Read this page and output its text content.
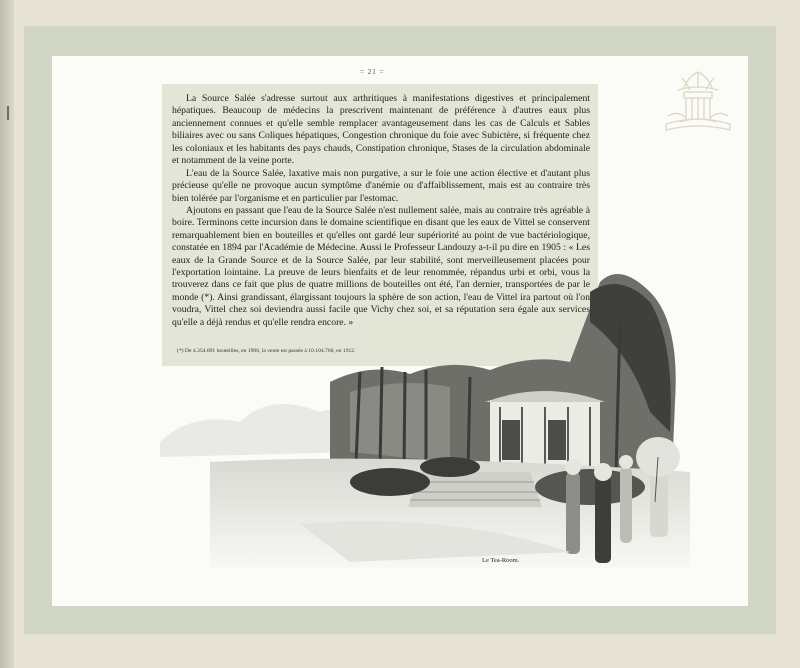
= 21 =

La Source Salée s'adresse surtout aux arthritiques à manifestations digestives et principalement hépatiques. Beaucoup de médecins la prescrivent maintenant de préférence à d'autres eaux plus anciennement connues et qu'elle semble remplacer avantageusement dans les cas de Calculs et Sables biliaires avec ou sans Coliques hépatiques, Congestion chronique du foie avec Subictère, si fréquente chez les coloniaux et les habitants des pays chauds, Constipation chronique, Stases de la circulation abdominale et notamment de la veine porte.

L'eau de la Source Salée, laxative mais non purgative, a sur le foie une action élective et d'autant plus précieuse qu'elle ne provoque aucun symptôme d'anémie ou d'affaiblissement, mais est au contraire très bien tolérée par l'organisme et en particulier par l'estomac.

Ajoutons en passant que l'eau de la Source Salée n'est nullement salée, mais au contraire très agréable à boire. Terminons cette incursion dans le domaine scientifique en disant que les eaux de Vittel se conservent remarquablement bien en bouteilles et qu'elles ont gardé leur supériorité au point de vue bactériologique, constatée en 1894 par l'Académie de Médecine. Aussi le Professeur Landouzy a-t-il pu dire en 1905 : « Les eaux de la Grande Source et de la Source Salée, par leur stabilité, sont merveilleusement placées pour l'exportation lointaine. La preuve de leurs bienfaits et de leur renommée, répandus urbi et orbi, vous la trouverez dans ce fait que plus de quatre millions de bouteilles ont été, l'an dernier, transportées de par le monde (*). Ainsi grandissant, élargissant toujours la sphère de son action, l'eau de Vittel ira partout où l'on voudra, Vittel chez soi deviendra aussi facile que Vichy chez soi, et sa réputation sera égale aux services qu'elle a déjà rendus et qu'elle rendra encore. »

(*) De 4.354.091 bouteilles, en 1906, la vente est passée à 10.104.760, en 1912.
Le Tea-Room.
